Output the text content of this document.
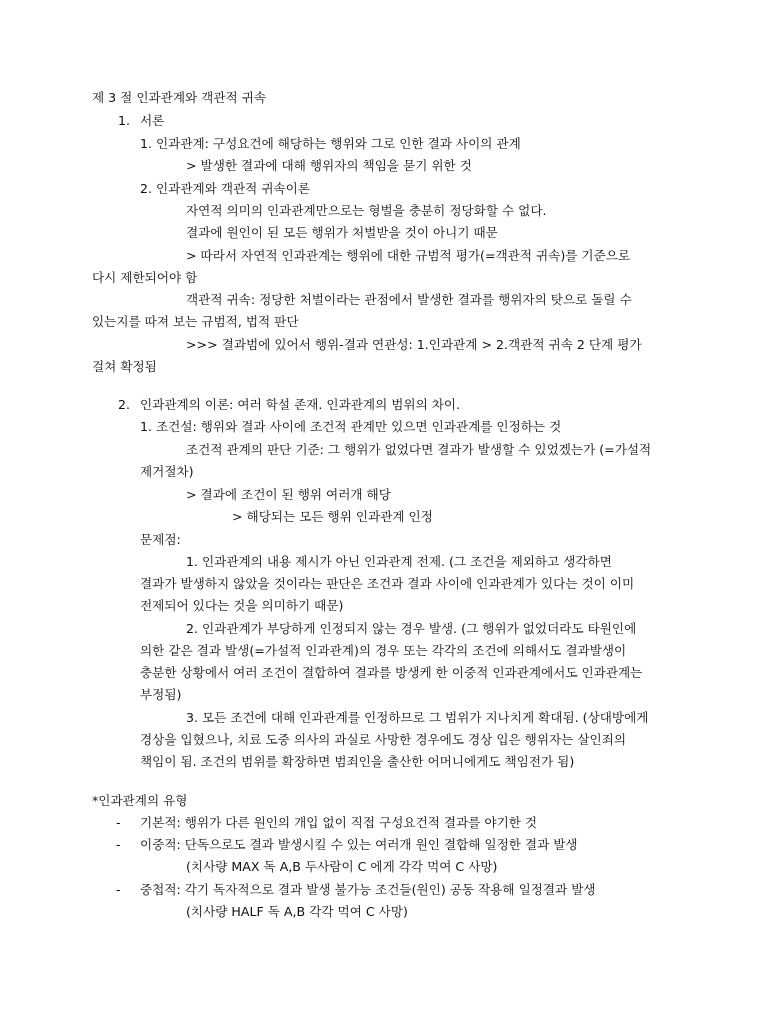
제 3 절 인과관계와 객관적 귀속
1. 서론
1. 인과관계: 구성요건에 해당하는 행위와 그로 인한 결과 사이의 관계
> 발생한 결과에 대해 행위자의 책임을 묻기 위한 것
2. 인과관계와 객관적 귀속이론
자연적 의미의 인과관계만으로는 형벌을 충분히 정당화할 수 없다.
결과에 원인이 된 모든 행위가 처벌받을 것이 아니기 때문
> 따라서 자연적 인과관계는 행위에 대한 규범적 평가(=객관적 귀속)를 기준으로
다시 제한되어야 함
객관적 귀속: 정당한 처벌이라는 관점에서 발생한 결과를 행위자의 탓으로 돌릴 수
있는지를 따져 보는 규범적, 법적 판단
>>> 결과범에 있어서 행위-결과 연관성: 1.인과관계 > 2.객관적 귀속 2 단계 평가
걸쳐 확정됨
2. 인과관계의 이론: 여러 학설 존재. 인과관계의 범위의 차이.
1. 조건설: 행위와 결과 사이에 조건적 관계만 있으면 인과관계를 인정하는 것
조건적 관계의 판단 기준: 그 행위가 없었다면 결과가 발생할 수 있었겠는가 (=가설적
제거절차)
> 결과에 조건이 된 행위 여러개 해당
> 해당되는 모든 행위 인과관계 인정
문제점:
1. 인과관계의 내용 제시가 아닌 인과관계 전제. (그 조건을 제외하고 생각하면
결과가 발생하지 않았을 것이라는 판단은 조건과 결과 사이에 인과관계가 있다는 것이 이미
전제되어 있다는 것을 의미하기 때문)
2. 인과관계가 부당하게 인정되지 않는 경우 발생. (그 행위가 없었더라도 타원인에
의한 같은 결과 발생(=가설적 인과관계)의 경우 또는 각각의 조건에 의해서도 결과발생이
충분한 상황에서 여러 조건이 결합하여 결과를 방생케 한 이중적 인과관계에서도 인과관계는
부정됨)
3. 모든 조건에 대해 인과관계를 인정하므로 그 범위가 지나치게 확대됨. (상대방에게
경상을 입혔으나, 치료 도중 의사의 과실로 사망한 경우에도 경상 입은 행위자는 살인죄의
책임이 됨. 조건의 범위를 확장하면 범죄인을 출산한 어머니에게도 책임전가 됨)
*인과관계의 유형
- 기본적: 행위가 다른 원인의 개입 없이 직접 구성요건적 결과를 야기한 것
- 이중적: 단독으로도 결과 발생시킬 수 있는 여러개 원인 결합해 일정한 결과 발생
(치사량 MAX 독 A,B 두사람이 C 에게 각각 먹여 C 사망)
- 중첩적: 각기 독자적으로 결과 발생 불가능 조건들(원인) 공동 작용해 일정결과 발생
(치사량 HALF 독 A,B 각각 먹여 C 사망)
